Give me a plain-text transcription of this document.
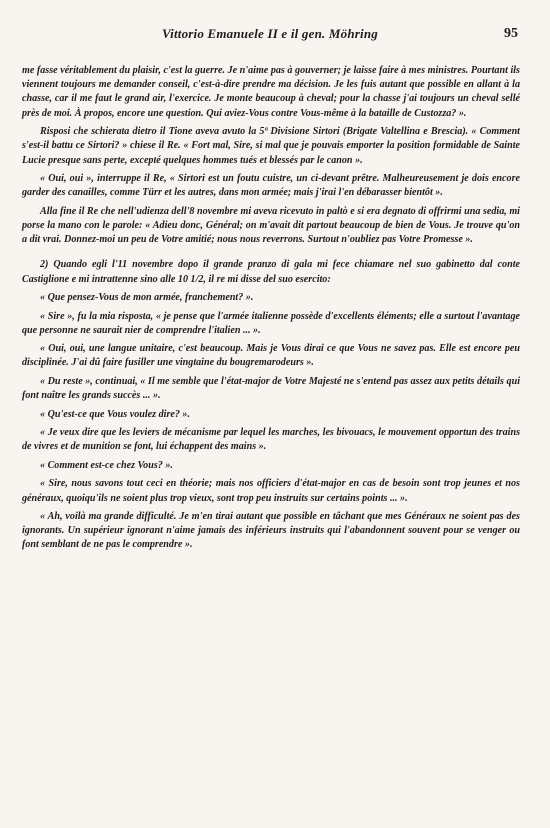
Vittorio Emanuele II e il gen. Möhring	95

me fasse véritablement du plaisir, c'est la guerre. Je n'aime pas à gouverner; je laisse faire à mes ministres. Pourtant ils viennent toujours me demander conseil, c'est-à-dire prendre ma décision. Je les fuis autant que possible en allant à la chasse, car il me faut le grand air, l'exercice. Je monte beaucoup à cheval; pour la chasse j'ai toujours un cheval sellé près de moi. À propos, encore une question. Qui aviez-Vous contre Vous-même à la bataille de Custozza? ».

Risposi che schierata dietro il Tione aveva avuto la 5ª Divisione Sirtori (Brigate Valtellina e Brescia). « Comment s'est-il battu ce Sirtori? » chiese il Re. « Fort mal, Sire, si mal que je pouvais emporter la position formidable de Sainte Lucie presque sans perte, excepté quelques hommes tués et blessés par le canon ».

« Oui, oui », interruppe il Re, « Sirtori est un foutu cuistre, un ci-devant prêtre. Malheureusement je dois encore garder des canailles, comme Türr et les autres, dans mon armée; mais j'irai l'en débarasser bientôt ».

Alla fine il Re che nell'udienza dell'8 novembre mi aveva ricevuto in paltò e si era degnato di offrirmi una sedia, mi porse la mano con le parole: « Adieu donc, Général; on m'avait dit partout beaucoup de bien de Vous. Je trouve qu'on a dit vrai. Donnez-moi un peu de Votre amitié; nous nous reverrons. Surtout n'oubliez pas Votre Promesse ».

2) Quando egli l'11 novembre dopo il grande pranzo di gala mi fece chiamare nel suo gabinetto dal conte Castiglione e mi intrattenne sino alle 10 1/2, il re mi disse del suo esercito:

« Que pensez-Vous de mon armée, franchement? ».

« Sire », fu la mia risposta, « je pense que l'armée italienne possède d'excellents éléments; elle a surtout l'avantage que personne ne saurait nier de comprendre l'italien ... ».

« Oui, oui, une langue unitaire, c'est beaucoup. Mais je Vous dirai ce que Vous ne savez pas. Elle est encore peu disciplinée. J'ai dû faire fusiller une vingtaine du bougremarodeurs ».

« Du reste », continuai, « Il me semble que l'état-major de Votre Majesté ne s'entend pas assez aux petits détails qui font naître les grands succès ... ».

« Qu'est-ce que Vous voulez dire? ».

« Je veux dire que les leviers de mécanisme par lequel les marches, les bivouacs, le mouvement opportun des trains de vivres et de munition se font, lui échappent des mains ».

« Comment est-ce chez Vous? ».

« Sire, nous savons tout ceci en théorie; mais nos officiers d'état-major en cas de besoin sont trop jeunes et nos généraux, quoiqu'ils ne soient plus trop vieux, sont trop peu instruits sur certains points ... ».

« Ah, voilà ma grande difficulté. Je m'en tirai autant que possible en tâchant que mes Généraux ne soient pas des ignorants. Un supérieur ignorant n'aime jamais des inférieurs instruits qui l'abandonnent souvent pour se venger ou font semblant de ne pas le comprendre ».
